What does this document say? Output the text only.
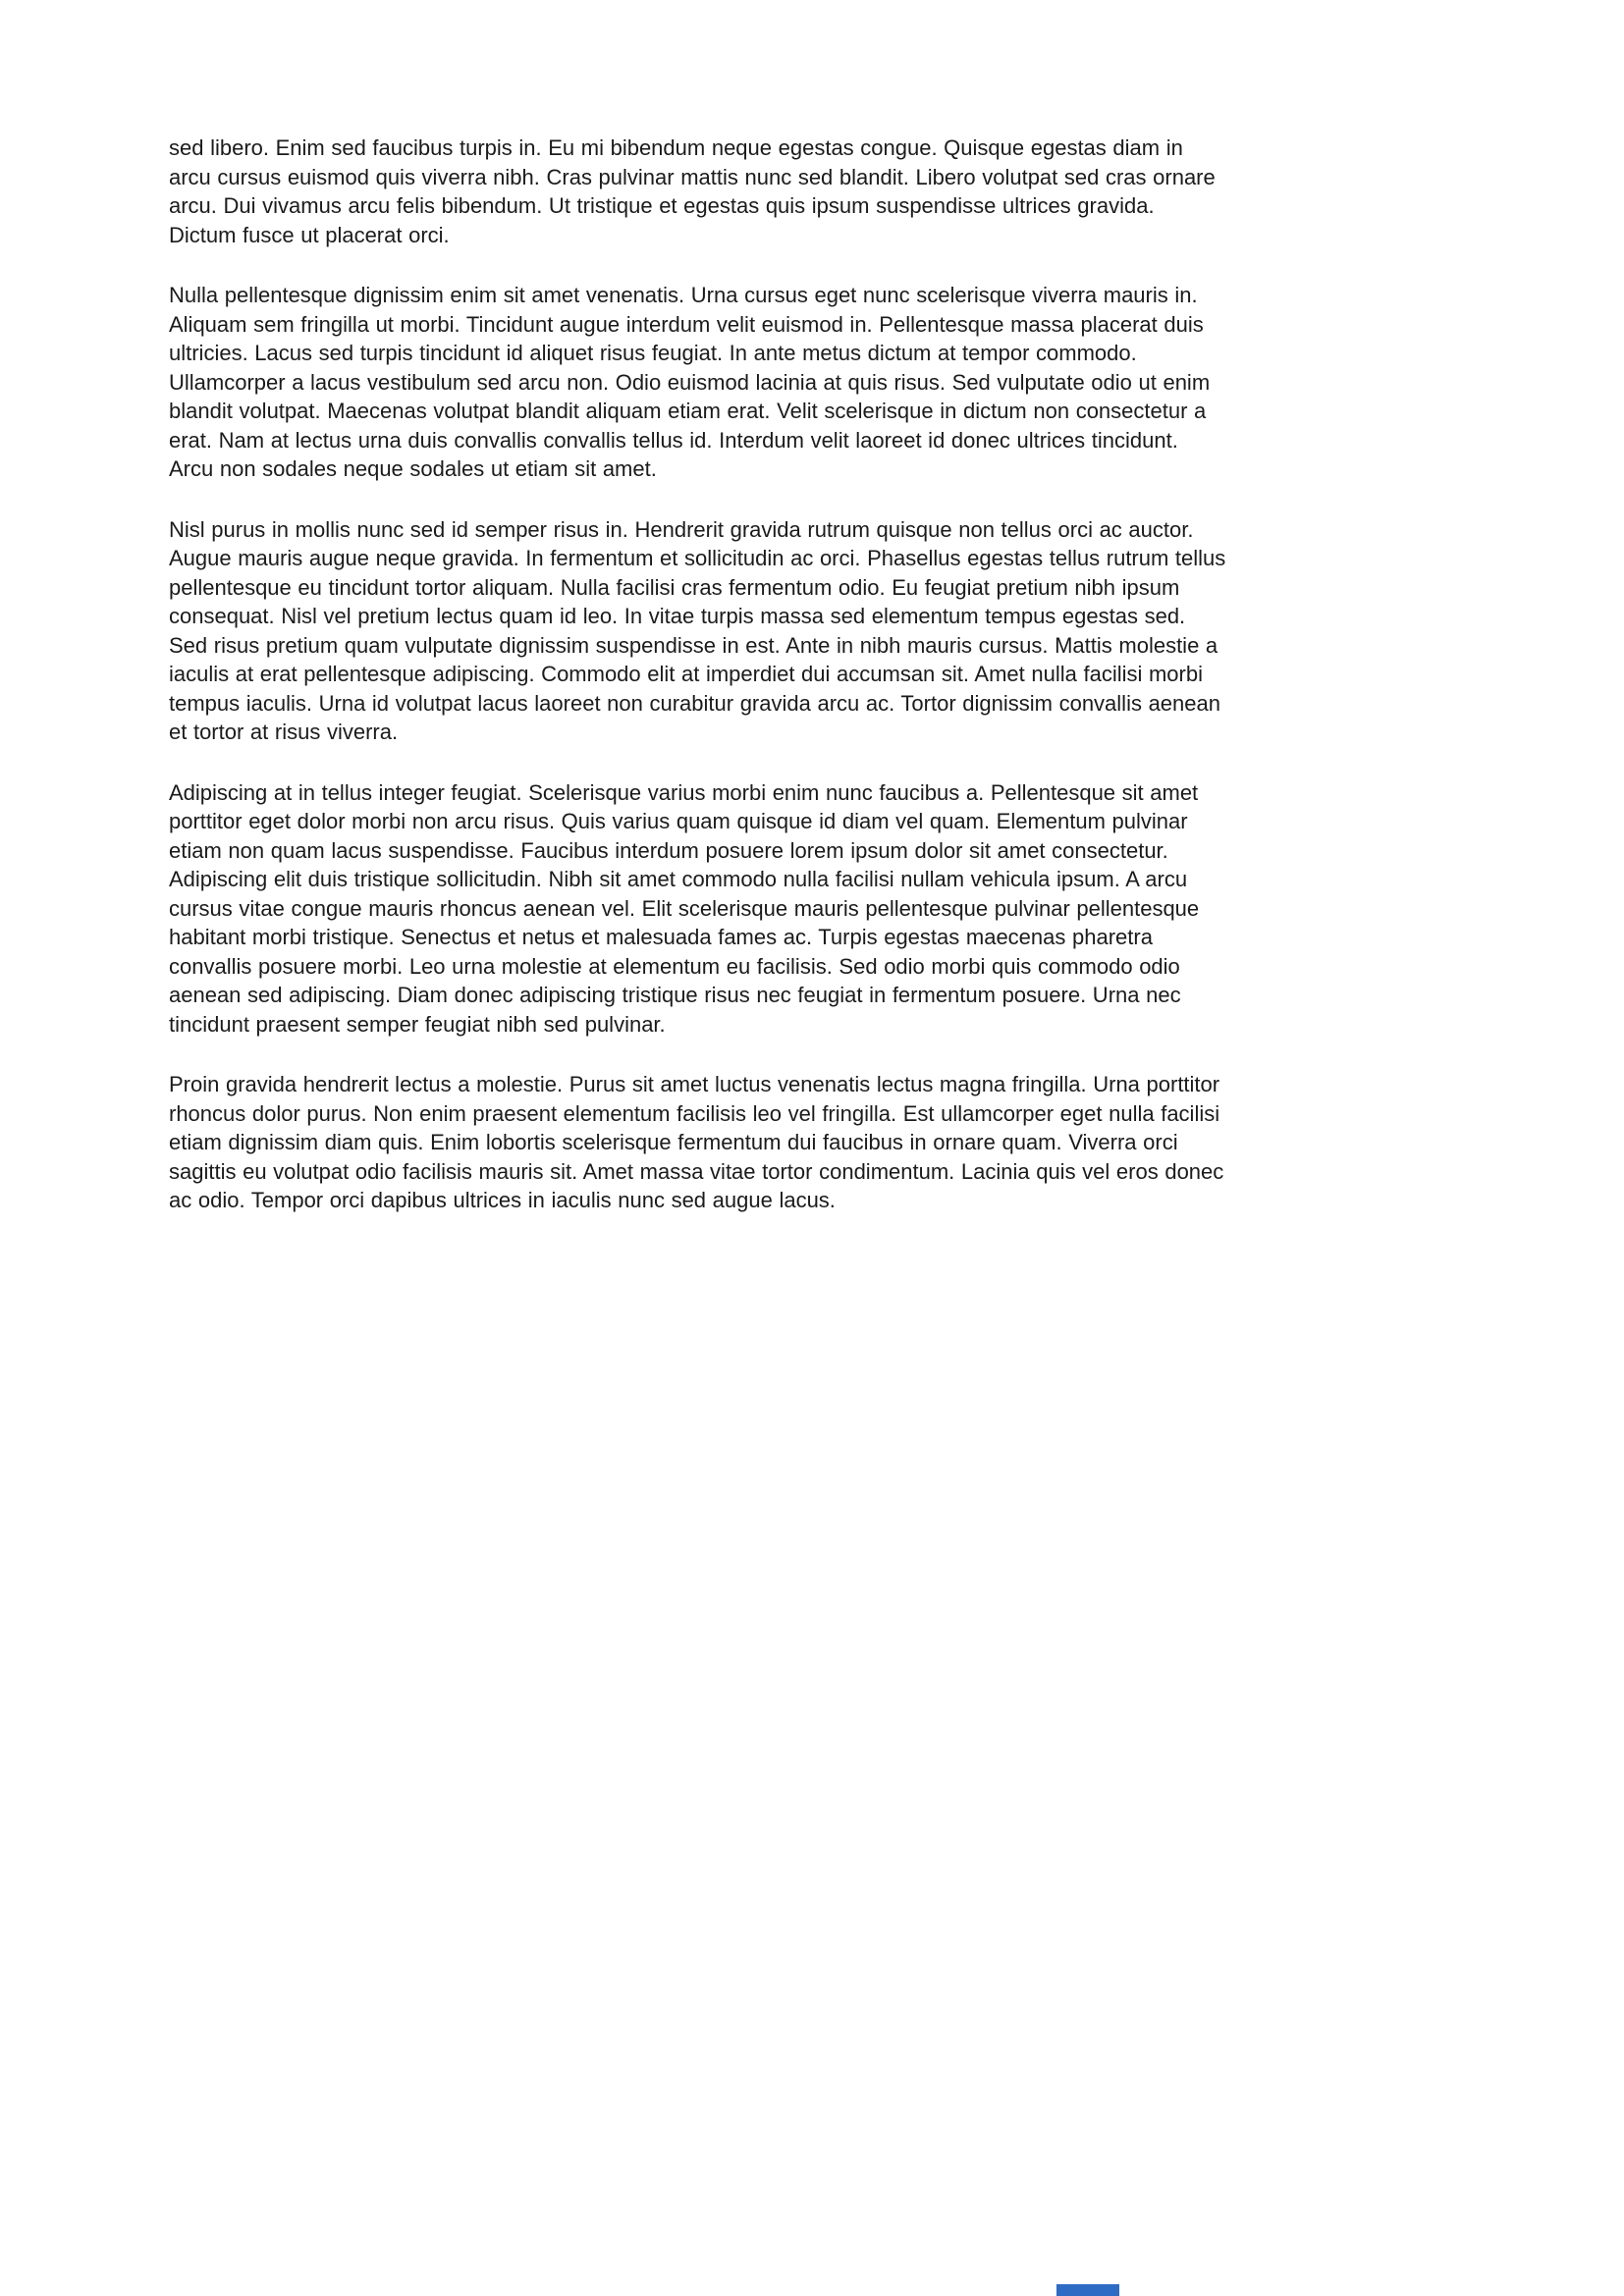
sed libero. Enim sed faucibus turpis in. Eu mi bibendum neque egestas congue. Quisque egestas diam in arcu cursus euismod quis viverra nibh. Cras pulvinar mattis nunc sed blandit. Libero volutpat sed cras ornare arcu. Dui vivamus arcu felis bibendum. Ut tristique et egestas quis ipsum suspendisse ultrices gravida. Dictum fusce ut placerat orci.

Nulla pellentesque dignissim enim sit amet venenatis. Urna cursus eget nunc scelerisque viverra mauris in. Aliquam sem fringilla ut morbi. Tincidunt augue interdum velit euismod in. Pellentesque massa placerat duis ultricies. Lacus sed turpis tincidunt id aliquet risus feugiat. In ante metus dictum at tempor commodo. Ullamcorper a lacus vestibulum sed arcu non. Odio euismod lacinia at quis risus. Sed vulputate odio ut enim blandit volutpat. Maecenas volutpat blandit aliquam etiam erat. Velit scelerisque in dictum non consectetur a erat. Nam at lectus urna duis convallis convallis tellus id. Interdum velit laoreet id donec ultrices tincidunt. Arcu non sodales neque sodales ut etiam sit amet.

Nisl purus in mollis nunc sed id semper risus in. Hendrerit gravida rutrum quisque non tellus orci ac auctor. Augue mauris augue neque gravida. In fermentum et sollicitudin ac orci. Phasellus egestas tellus rutrum tellus pellentesque eu tincidunt tortor aliquam. Nulla facilisi cras fermentum odio. Eu feugiat pretium nibh ipsum consequat. Nisl vel pretium lectus quam id leo. In vitae turpis massa sed elementum tempus egestas sed. Sed risus pretium quam vulputate dignissim suspendisse in est. Ante in nibh mauris cursus. Mattis molestie a iaculis at erat pellentesque adipiscing. Commodo elit at imperdiet dui accumsan sit. Amet nulla facilisi morbi tempus iaculis. Urna id volutpat lacus laoreet non curabitur gravida arcu ac. Tortor dignissim convallis aenean et tortor at risus viverra.

Adipiscing at in tellus integer feugiat. Scelerisque varius morbi enim nunc faucibus a. Pellentesque sit amet porttitor eget dolor morbi non arcu risus. Quis varius quam quisque id diam vel quam. Elementum pulvinar etiam non quam lacus suspendisse. Faucibus interdum posuere lorem ipsum dolor sit amet consectetur. Adipiscing elit duis tristique sollicitudin. Nibh sit amet commodo nulla facilisi nullam vehicula ipsum. A arcu cursus vitae congue mauris rhoncus aenean vel. Elit scelerisque mauris pellentesque pulvinar pellentesque habitant morbi tristique. Senectus et netus et malesuada fames ac. Turpis egestas maecenas pharetra convallis posuere morbi. Leo urna molestie at elementum eu facilisis. Sed odio morbi quis commodo odio aenean sed adipiscing. Diam donec adipiscing tristique risus nec feugiat in fermentum posuere. Urna nec tincidunt praesent semper feugiat nibh sed pulvinar.

Proin gravida hendrerit lectus a molestie. Purus sit amet luctus venenatis lectus magna fringilla. Urna porttitor rhoncus dolor purus. Non enim praesent elementum facilisis leo vel fringilla. Est ullamcorper eget nulla facilisi etiam dignissim diam quis. Enim lobortis scelerisque fermentum dui faucibus in ornare quam. Viverra orci sagittis eu volutpat odio facilisis mauris sit. Amet massa vitae tortor condimentum. Lacinia quis vel eros donec ac odio. Tempor orci dapibus ultrices in iaculis nunc sed augue lacus.
